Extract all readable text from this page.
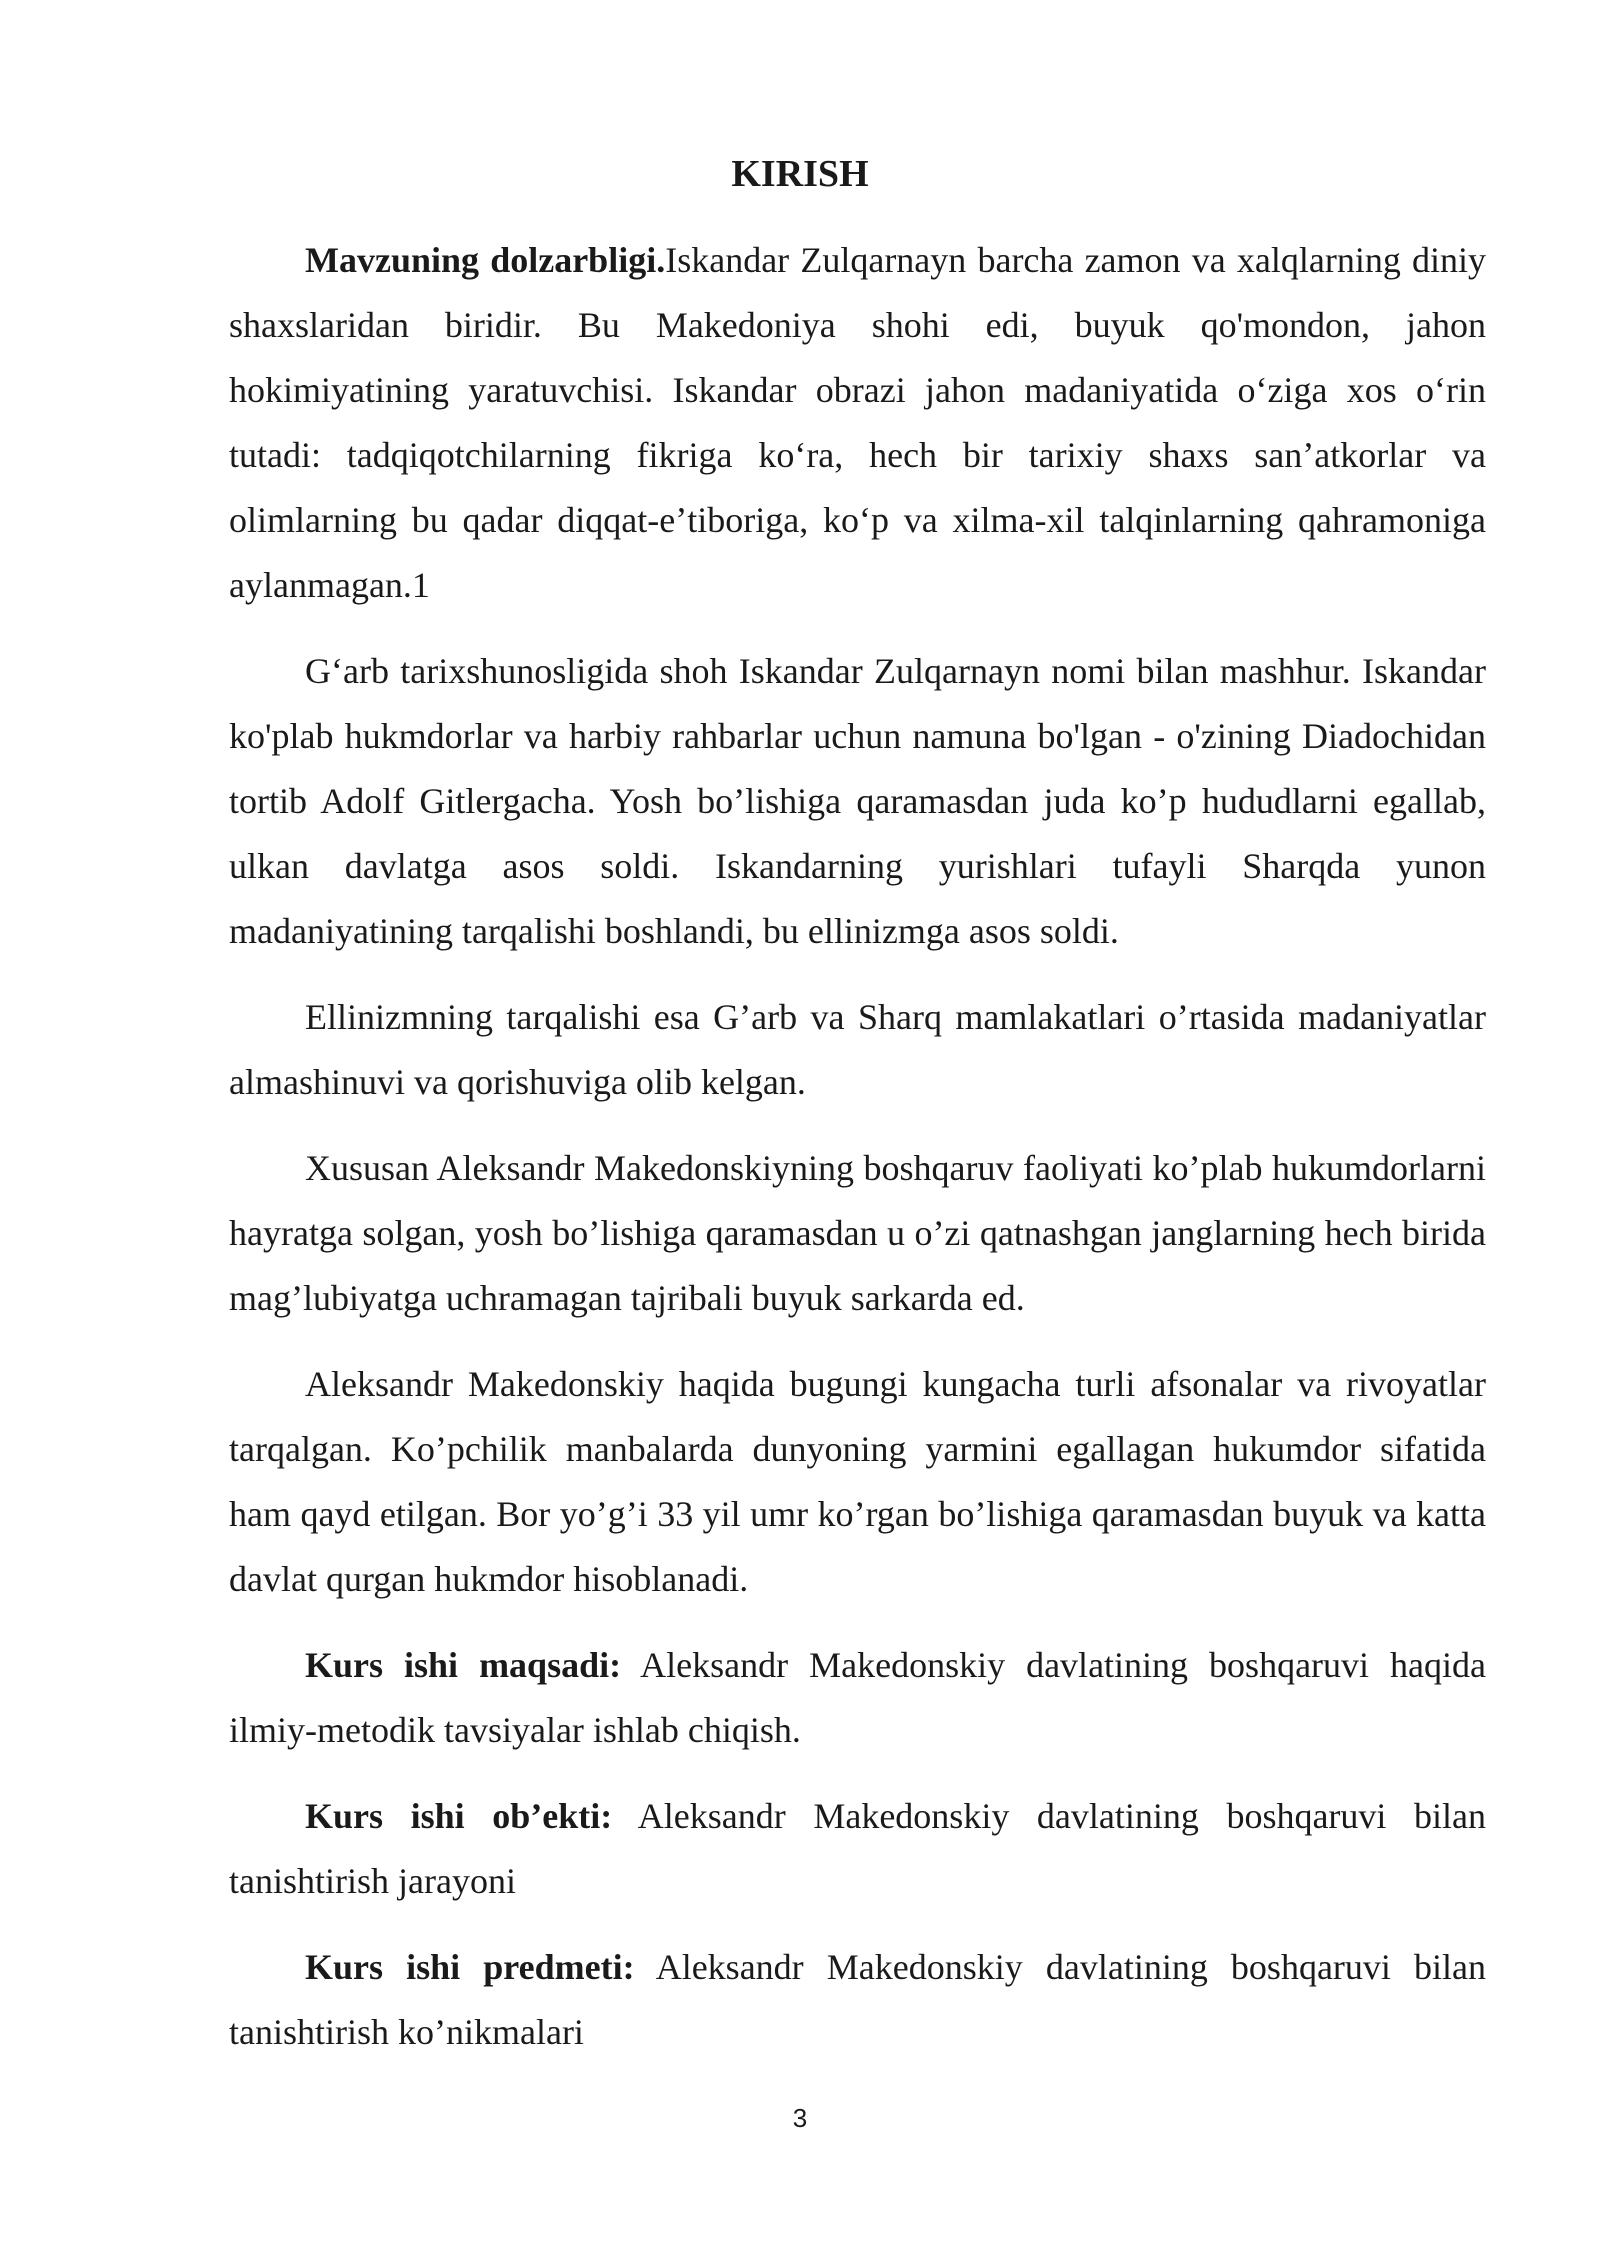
KIRISH

Mavzuning dolzarbligi.Iskandar Zulqarnayn barcha zamon va xalqlarning diniy shaxslaridan biridir. Bu Makedoniya shohi edi, buyuk qo'mondon, jahon hokimiyatining yaratuvchisi. Iskandar obrazi jahon madaniyatida oʻziga xos oʻrin tutadi: tadqiqotchilarning fikriga koʻra, hech bir tarixiy shaxs sanʼatkorlar va olimlarning bu qadar diqqat-eʼtiboriga, koʻp va xilma-xil talqinlarning qahramoniga aylanmagan.1

Gʻarb tarixshunosligida shoh Iskandar Zulqarnayn nomi bilan mashhur. Iskandar ko'plab hukmdorlar va harbiy rahbarlar uchun namuna bo'lgan - o'zining Diadochidan tortib Adolf Gitlergacha. Yosh bo’lishiga qaramasdan juda ko’p hududlarni egallab, ulkan davlatga asos soldi. Iskandarning yurishlari tufayli Sharqda yunon madaniyatining tarqalishi boshlandi, bu ellinizmga asos soldi.

Ellinizmning tarqalishi esa G’arb va Sharq mamlakatlari o’rtasida madaniyatlar almashinuvi va qorishuviga olib kelgan.

Xususan Aleksandr Makedonskiyning boshqaruv faoliyati ko’plab hukumdorlarni hayratga solgan, yosh bo’lishiga qaramasdan u o’zi qatnashgan janglarning hech birida mag’lubiyatga uchramagan tajribali buyuk sarkarda ed.

Aleksandr Makedonskiy haqida bugungi kungacha turli afsonalar va rivoyatlar tarqalgan. Ko’pchilik manbalarda dunyoning yarmini egallagan hukumdor sifatida ham qayd etilgan. Bor yo’g’i 33 yil umr ko’rgan bo’lishiga qaramasdan buyuk va katta davlat qurgan hukmdor hisoblanadi.

Kurs ishi maqsadi: Aleksandr Makedonskiy davlatining boshqaruvi haqida ilmiy-metodik tavsiyalar ishlab chiqish.

Kurs ishi ob’ekti: Aleksandr Makedonskiy davlatining boshqaruvi bilan tanishtirish jarayoni

Kurs ishi predmeti: Aleksandr Makedonskiy davlatining boshqaruvi bilan tanishtirish ko’nikmalari

3
